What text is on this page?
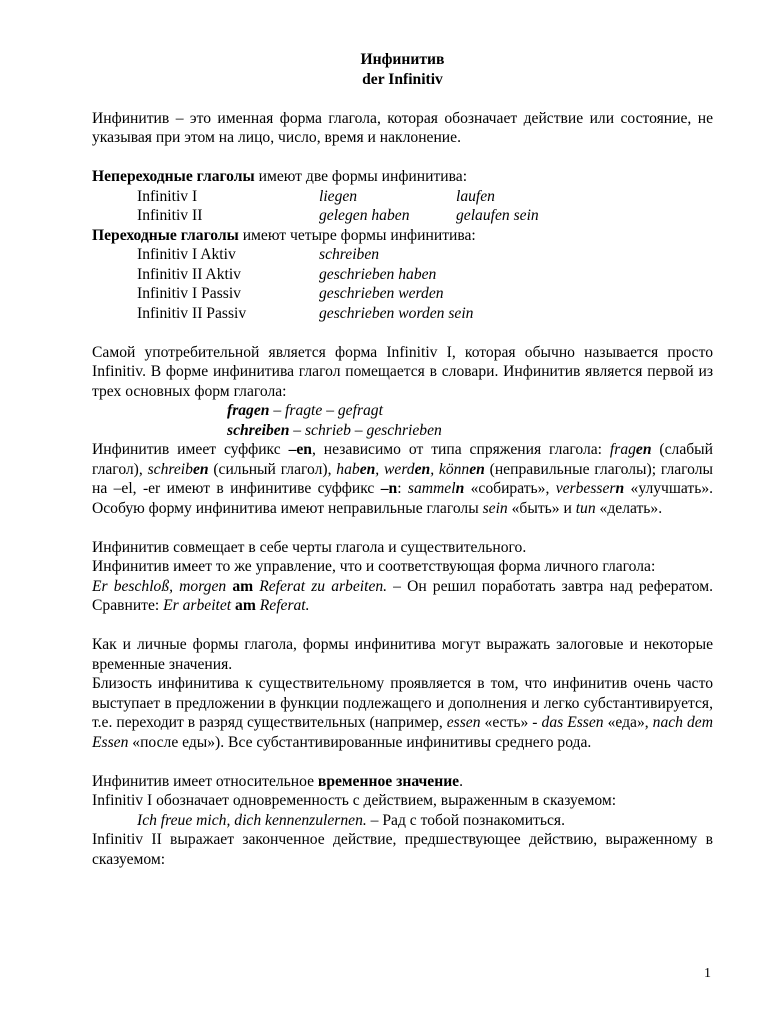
Инфинитив

der Infinitiv

Инфинитив – это именная форма глагола, которая обозначает действие или состояние, не указывая при этом на лицо, число, время и наклонение.

Непереходные глаголы имеют две формы инфинитива:

Infinitiv I	liegen	laufen
Infinitiv II	gelegen haben	gelaufen sein

Переходные глаголы имеют четыре формы инфинитива:

Infinitiv I Aktiv	schreiben
Infinitiv II Aktiv	geschrieben haben
Infinitiv I Passiv	geschrieben werden
Infinitiv II Passiv	geschrieben worden sein

Самой употребительной является форма Infinitiv I, которая обычно называется просто Infinitiv. В форме инфинитива глагол помещается в словари. Инфинитив является первой из трех основных форм глагола:

fragen – fragte – gefragt

schreiben – schrieb – geschrieben

Инфинитив имеет суффикс –en, независимо от типа спряжения глагола: fragen (слабый глагол), schreiben (сильный глагол), haben, werden, können (неправильные глаголы); глаголы на –el, -er имеют в инфинитиве суффикс –n: sammeln «собирать», verbessern «улучшать». Особую форму инфинитива имеют неправильные глаголы sein «быть» и tun «делать».

Инфинитив совмещает в себе черты глагола и существительного.

Инфинитив имеет то же управление, что и соответствующая форма личного глагола:

Er beschloß, morgen am Referat zu arbeiten. – Он решил поработать завтра над рефератом. Сравните: Er arbeitet am Referat.

Как и личные формы глагола, формы инфинитива могут выражать залоговые и некоторые временные значения.

Близость инфинитива к существительному проявляется в том, что инфинитив очень часто выступает в предложении в функции подлежащего и дополнения и легко субстантивируется, т.е. переходит в разряд существительных (например, essen «есть» - das Essen «еда», nach dem Essen «после еды»). Все субстантивированные инфинитивы среднего рода.

Инфинитив имеет относительное временное значение.

Infinitiv I обозначает одновременность с действием, выраженным в сказуемом:

Ich freue mich, dich kennenzulernen. – Рад с тобой познакомиться.

Infinitiv II выражает законченное действие, предшествующее действию, выраженному в сказуемом:

1
